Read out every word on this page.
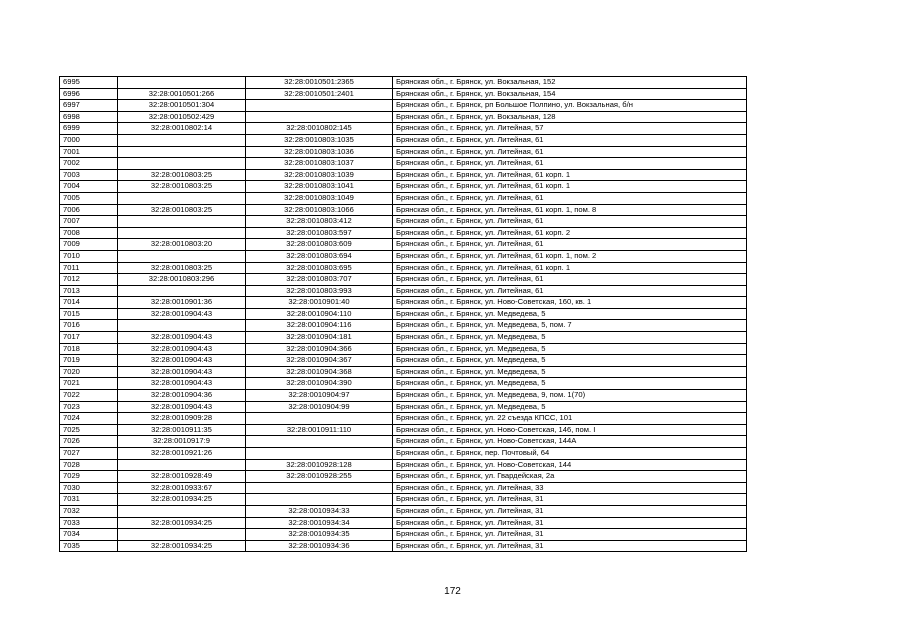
6995		32:28:0010501:2365	Брянская обл., г. Брянск, ул. Вокзальная, 152
6996	32:28:0010501:266	32:28:0010501:2401	Брянская обл., г. Брянск, ул. Вокзальная, 154
6997	32:28:0010501:304		Брянская обл., г. Брянск, рп Большое Полпино, ул. Вокзальная, б/н
6998	32:28:0010502:429		Брянская обл., г. Брянск, ул. Вокзальная, 128
6999	32:28:0010802:14	32:28:0010802:145	Брянская обл., г. Брянск, ул. Литейная, 57
7000		32:28:0010803:1035	Брянская обл., г. Брянск, ул. Литейная, 61
7001		32:28:0010803:1036	Брянская обл., г. Брянск, ул. Литейная, 61
7002		32:28:0010803:1037	Брянская обл., г. Брянск, ул. Литейная, 61
7003	32:28:0010803:25	32:28:0010803:1039	Брянская обл., г. Брянск, ул. Литейная, 61 корп. 1
7004	32:28:0010803:25	32:28:0010803:1041	Брянская обл., г. Брянск, ул. Литейная, 61 корп. 1
7005		32:28:0010803:1049	Брянская обл., г. Брянск, ул. Литейная, 61
7006	32:28:0010803:25	32:28:0010803:1066	Брянская обл., г. Брянск, ул. Литейная, 61 корп. 1, пом. 8
7007		32:28:0010803:412	Брянская обл., г. Брянск, ул. Литейная, 61
7008		32:28:0010803:597	Брянская обл., г. Брянск, ул. Литейная, 61 корп. 2
7009	32:28:0010803:20	32:28:0010803:609	Брянская обл., г. Брянск, ул. Литейная, 61
7010		32:28:0010803:694	Брянская обл., г. Брянск, ул. Литейная, 61 корп. 1, пом. 2
7011	32:28:0010803:25	32:28:0010803:695	Брянская обл., г. Брянск, ул. Литейная, 61 корп. 1
7012	32:28:0010803:296	32:28:0010803:707	Брянская обл., г. Брянск, ул. Литейная, 61
7013		32:28:0010803:993	Брянская обл., г. Брянск, ул. Литейная, 61
7014	32:28:0010901:36	32:28:0010901:40	Брянская обл., г. Брянск, ул. Ново-Советская, 160, кв. 1
7015	32:28:0010904:43	32:28:0010904:110	Брянская обл., г. Брянск, ул. Медведева, 5
7016		32:28:0010904:116	Брянская обл., г. Брянск, ул. Медведева, 5, пом. 7
7017	32:28:0010904:43	32:28:0010904:181	Брянская обл., г. Брянск, ул. Медведева, 5
7018	32:28:0010904:43	32:28:0010904:366	Брянская обл., г. Брянск, ул. Медведева, 5
7019	32:28:0010904:43	32:28:0010904:367	Брянская обл., г. Брянск, ул. Медведева, 5
7020	32:28:0010904:43	32:28:0010904:368	Брянская обл., г. Брянск, ул. Медведева, 5
7021	32:28:0010904:43	32:28:0010904:390	Брянская обл., г. Брянск, ул. Медведева, 5
7022	32:28:0010904:36	32:28:0010904:97	Брянская обл., г. Брянск, ул. Медведева, 9, пом. 1(70)
7023	32:28:0010904:43	32:28:0010904:99	Брянская обл., г. Брянск, ул. Медведева, 5
7024	32:28:0010909:28		Брянская обл., г. Брянск, ул. 22 съезда КПСС, 101
7025	32:28:0010911:35	32:28:0010911:110	Брянская обл., г. Брянск, ул. Ново-Советская, 146, пом. I
7026	32:28:0010917:9		Брянская обл., г. Брянск, ул. Ново-Советская, 144А
7027	32:28:0010921:26		Брянская обл., г. Брянск, пер. Почтовый, 64
7028		32:28:0010928:128	Брянская обл., г. Брянск, ул. Ново-Советская, 144
7029	32:28:0010928:49	32:28:0010928:255	Брянская обл., г. Брянск, ул. Гвардейская, 2а
7030	32:28:0010933:67		Брянская обл., г. Брянск, ул. Литейная, 33
7031	32:28:0010934:25		Брянская обл., г. Брянск, ул. Литейная, 31
7032		32:28:0010934:33	Брянская обл., г. Брянск, ул. Литейная, 31
7033	32:28:0010934:25	32:28:0010934:34	Брянская обл., г. Брянск, ул. Литейная, 31
7034		32:28:0010934:35	Брянская обл., г. Брянск, ул. Литейная, 31
7035	32:28:0010934:25	32:28:0010934:36	Брянская обл., г. Брянск, ул. Литейная, 31
172
